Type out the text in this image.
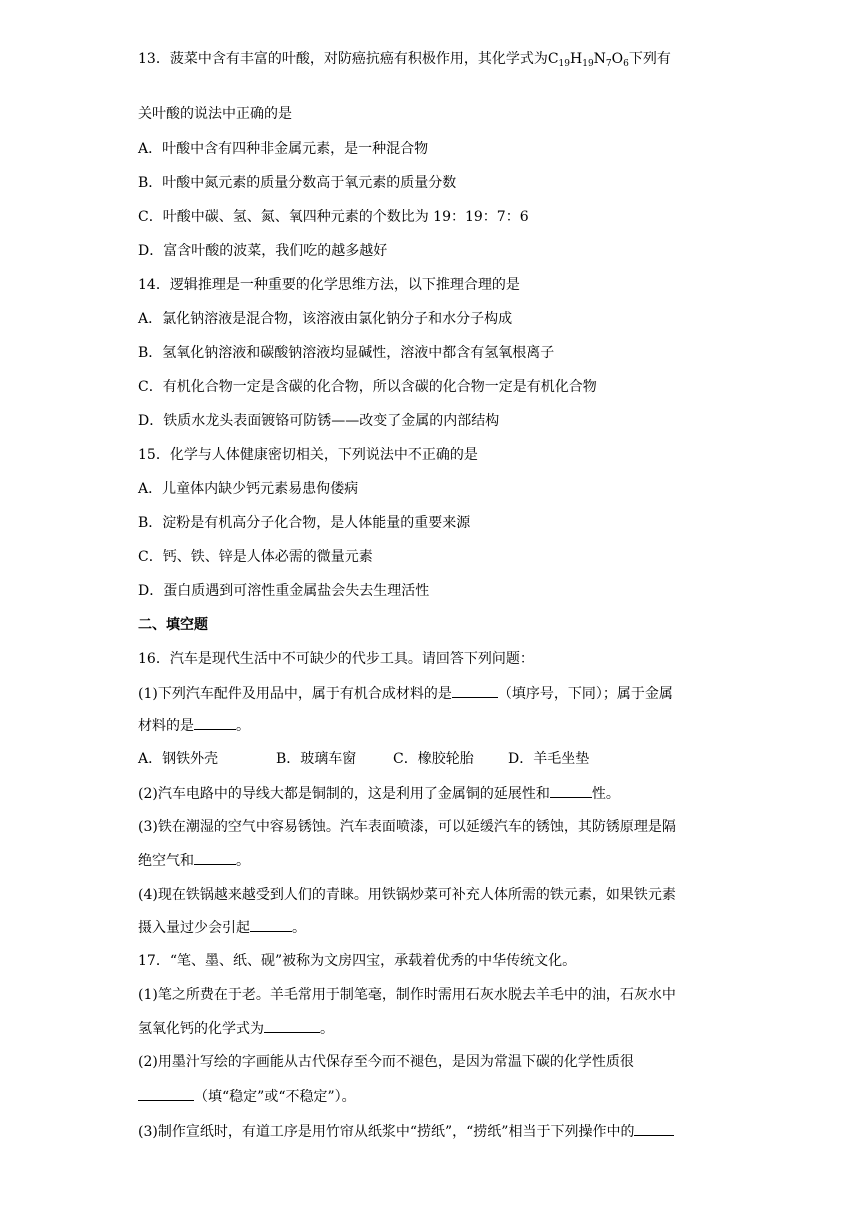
13．菠菜中含有丰富的叶酸，对防癌抗癌有积极作用，其化学式为$C_{19}H_{19}N_7O_6$下列有
关叶酸的说法中正确的是
A．叶酸中含有四种非金属元素，是一种混合物
B．叶酸中氮元素的质量分数高于氧元素的质量分数
C．叶酸中碳、氢、氮、氧四种元素的个数比为 19：19：7：6
D．富含叶酸的波菜，我们吃的越多越好
14．逻辑推理是一种重要的化学思维方法，以下推理合理的是
A．氯化钠溶液是混合物，该溶液由氯化钠分子和水分子构成
B．氢氧化钠溶液和碳酸钠溶液均显碱性，溶液中都含有氢氧根离子
C．有机化合物一定是含碳的化合物，所以含碳的化合物一定是有机化合物
D．铁质水龙头表面镀铬可防锈——改变了金属的内部结构
15．化学与人体健康密切相关，下列说法中不正确的是
A．儿童体内缺少钙元素易患佝偻病
B．淀粉是有机高分子化合物，是人体能量的重要来源
C．钙、铁、锌是人体必需的微量元素
D．蛋白质遇到可溶性重金属盐会失去生理活性
二、填空题
16．汽车是现代生活中不可缺少的代步工具。请回答下列问题：
(1)下列汽车配件及用品中，属于有机合成材料的是	（填序号，下同）；属于金属
材料的是	。
A．钢铁外壳	B．玻璃车窗	C．橡胶轮胎 D．羊毛坐垫
(2)汽车电路中的导线大都是铜制的，这是利用了金属铜的延展性和	性。
(3)铁在潮湿的空气中容易锈蚀。汽车表面喷漆，可以延缓汽车的锈蚀，其防锈原理是隔
绝空气和	。
(4)现在铁锅越来越受到人们的青睐。用铁锅炒菜可补充人体所需的铁元素，如果铁元素
摄入量过少会引起	。
17．“笔、墨、纸、砚”被称为文房四宝，承载着优秀的中华传统文化。
(1)笔之所费在于老。羊毛常用于制笔毫，制作时需用石灰水脱去羊毛中的油，石灰水中
氢氧化钙的化学式为	。
(2)用墨汁写绘的字画能从古代保存至今而不褪色，是因为常温下碳的化学性质很
（填“稳定”或“不稳定”）。
(3)制作宣纸时，有道工序是用竹帘从纸浆中“捞纸”，“捞纸”相当于下列操作中的
